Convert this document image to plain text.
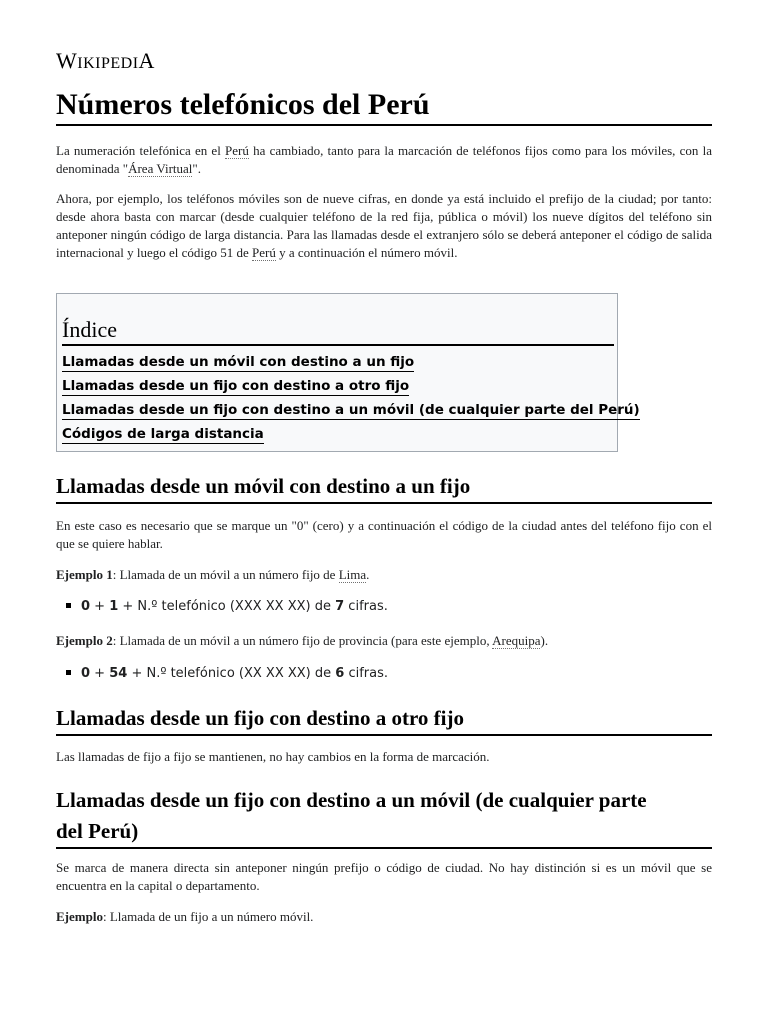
WIKIPEDIA
Números telefónicos del Perú

La numeración telefónica en el Perú ha cambiado, tanto para la marcación de teléfonos fijos como para los móviles, con la denominada "Área Virtual".

Ahora, por ejemplo, los teléfonos móviles son de nueve cifras, en donde ya está incluido el prefijo de la ciudad; por tanto: desde ahora basta con marcar (desde cualquier teléfono de la red fija, pública o móvil) los nueve dígitos del teléfono sin anteponer ningún código de larga distancia. Para las llamadas desde el extranjero sólo se deberá anteponer el código de salida internacional y luego el código 51 de Perú y a continuación el número móvil.

Índice
Llamadas desde un móvil con destino a un fijo
Llamadas desde un fijo con destino a otro fijo
Llamadas desde un fijo con destino a un móvil (de cualquier parte del Perú)
Códigos de larga distancia
Llamadas desde un móvil con destino a un fijo

En este caso es necesario que se marque un "0" (cero) y a continuación el código de la ciudad antes del teléfono fijo con el que se quiere hablar.

Ejemplo 1: Llamada de un móvil a un número fijo de Lima.

0 + 1 + N.º telefónico (XXX XX XX) de 7 cifras.

Ejemplo 2: Llamada de un móvil a un número fijo de provincia (para este ejemplo, Arequipa).

0 + 54 + N.º telefónico (XX XX XX) de 6 cifras.
Llamadas desde un fijo con destino a otro fijo

Las llamadas de fijo a fijo se mantienen, no hay cambios en la forma de marcación.

Llamadas desde un fijo con destino a un móvil (de cualquier parte
del Perú)

Se marca de manera directa sin anteponer ningún prefijo o código de ciudad. No hay distinción si es un móvil que se encuentra en la capital o departamento.

Ejemplo: Llamada de un fijo a un número móvil.
